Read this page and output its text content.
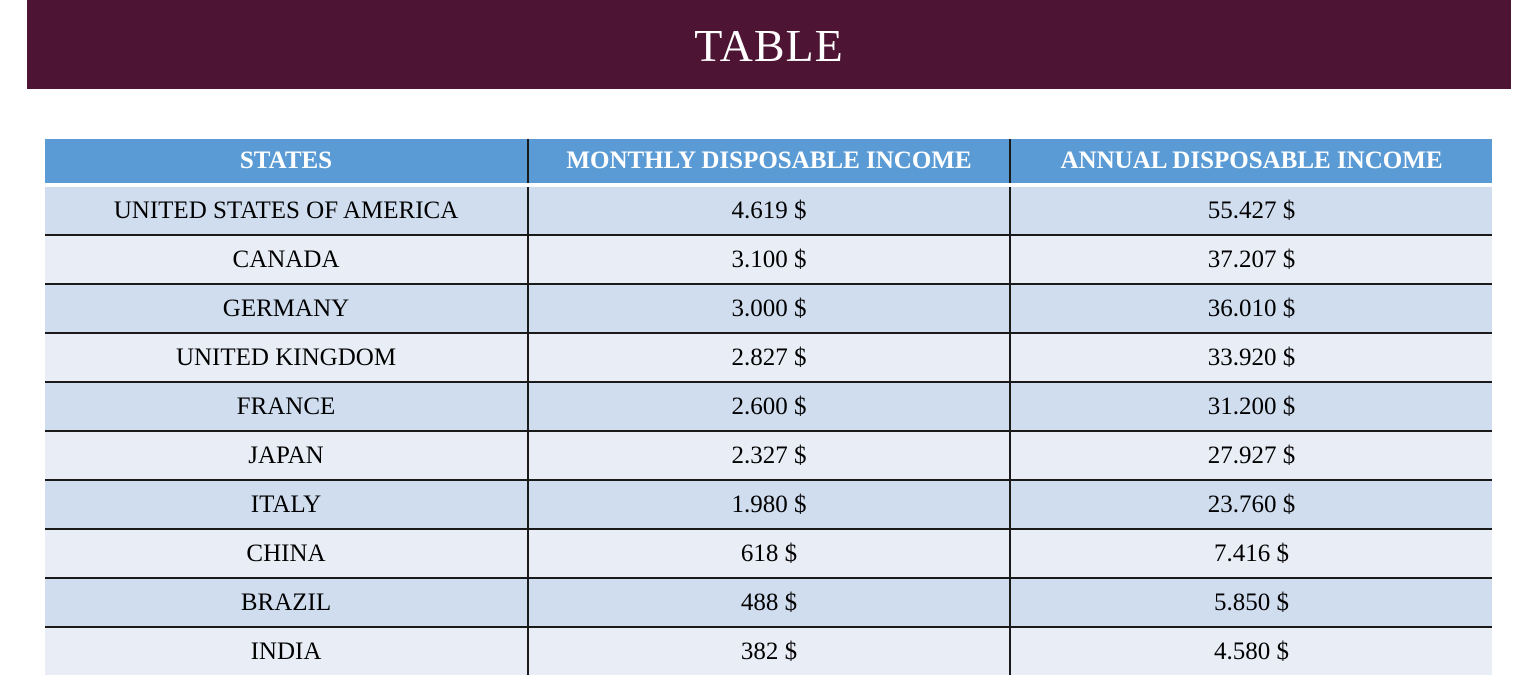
TABLE
STATES	MONTHLY DISPOSABLE INCOME	ANNUAL DISPOSABLE INCOME
UNITED STATES OF AMERICA	4.619 $	55.427 $
CANADA	3.100 $	37.207 $
GERMANY	3.000 $	36.010 $
UNITED KINGDOM	2.827 $	33.920 $
FRANCE	2.600 $	31.200 $
JAPAN	2.327 $	27.927 $
ITALY	1.980 $	23.760 $
CHINA	618 $	7.416 $
BRAZIL	488 $	5.850 $
INDIA	382 $	4.580 $
